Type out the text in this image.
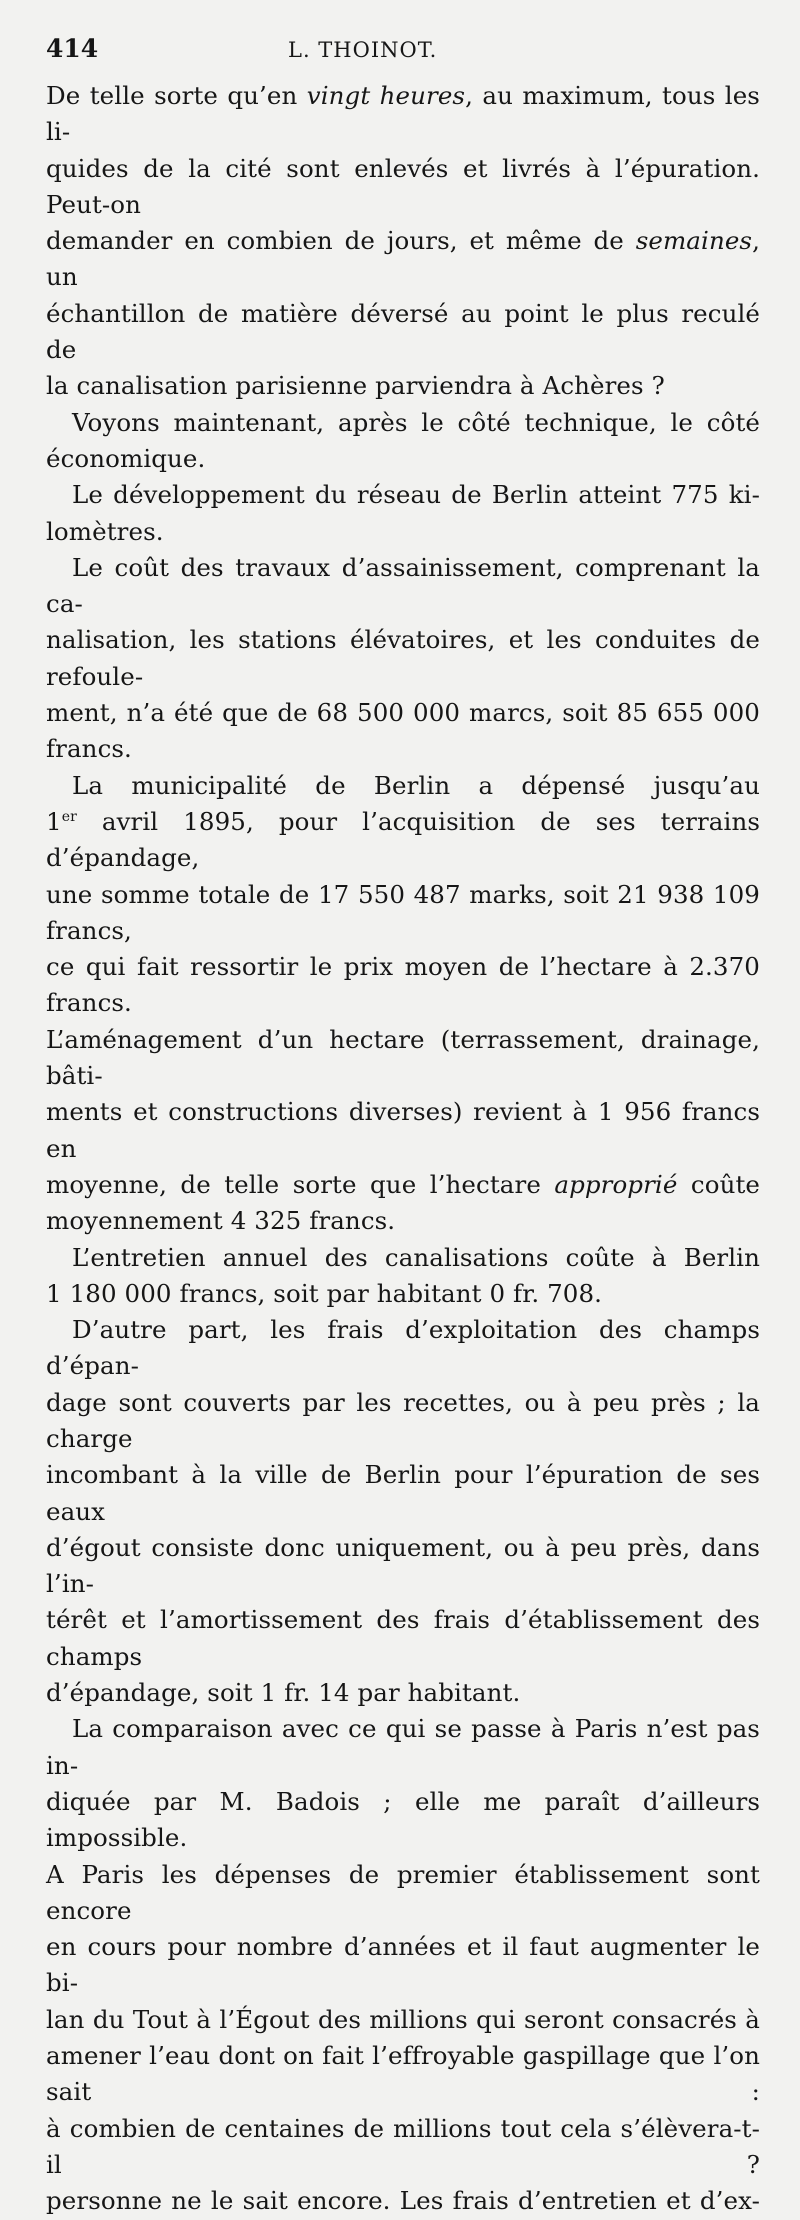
414	L. THOINOT.

De telle sorte qu’en vingt heures, au maximum, tous les li-

quides de la cité sont enlevés et livrés à l’épuration. Peut-on

demander en combien de jours, et même de semaines, un

échantillon de matière déversé au point le plus reculé de

la canalisation parisienne parviendra à Achères ?

Voyons maintenant, après le côté technique, le côté

économique.

Le développement du réseau de Berlin atteint 775 ki-

lomètres.

Le coût des travaux d’assainissement, comprenant la ca-

nalisation, les stations élévatoires, et les conduites de refoule-

ment, n’a été que de 68 500 000 marcs, soit 85 655 000 francs.

La municipalité de Berlin a dépensé jusqu’au

1er avril 1895, pour l’acquisition de ses terrains d’épandage,

une somme totale de 17 550 487 marks, soit 21 938 109 francs,

ce qui fait ressortir le prix moyen de l’hectare à 2.370 francs.

L’aménagement d’un hectare (terrassement, drainage, bâti-

ments et constructions diverses) revient à 1 956 francs en

moyenne, de telle sorte que l’hectare approprié coûte

moyennement 4 325 francs.

L’entretien annuel des canalisations coûte à Berlin

1 180 000 francs, soit par habitant 0 fr. 708.

D’autre part, les frais d’exploitation des champs d’épan-

dage sont couverts par les recettes, ou à peu près ; la charge

incombant à la ville de Berlin pour l’épuration de ses eaux

d’égout consiste donc uniquement, ou à peu près, dans l’in-

térêt et l’amortissement des frais d’établissement des champs

d’épandage, soit 1 fr. 14 par habitant.

La comparaison avec ce qui se passe à Paris n’est pas in-

diquée par M. Badois ; elle me paraît d’ailleurs impossible.

A Paris les dépenses de premier établissement sont encore

en cours pour nombre d’années et il faut augmenter le bi-

lan du Tout à l’Égout des millions qui seront consacrés à

amener l’eau dont on fait l’effroyable gaspillage que l’on sait :

à combien de centaines de millions tout cela s’élèvera-t-il ?

personne ne le sait encore. Les frais d’entretien et d’ex-
